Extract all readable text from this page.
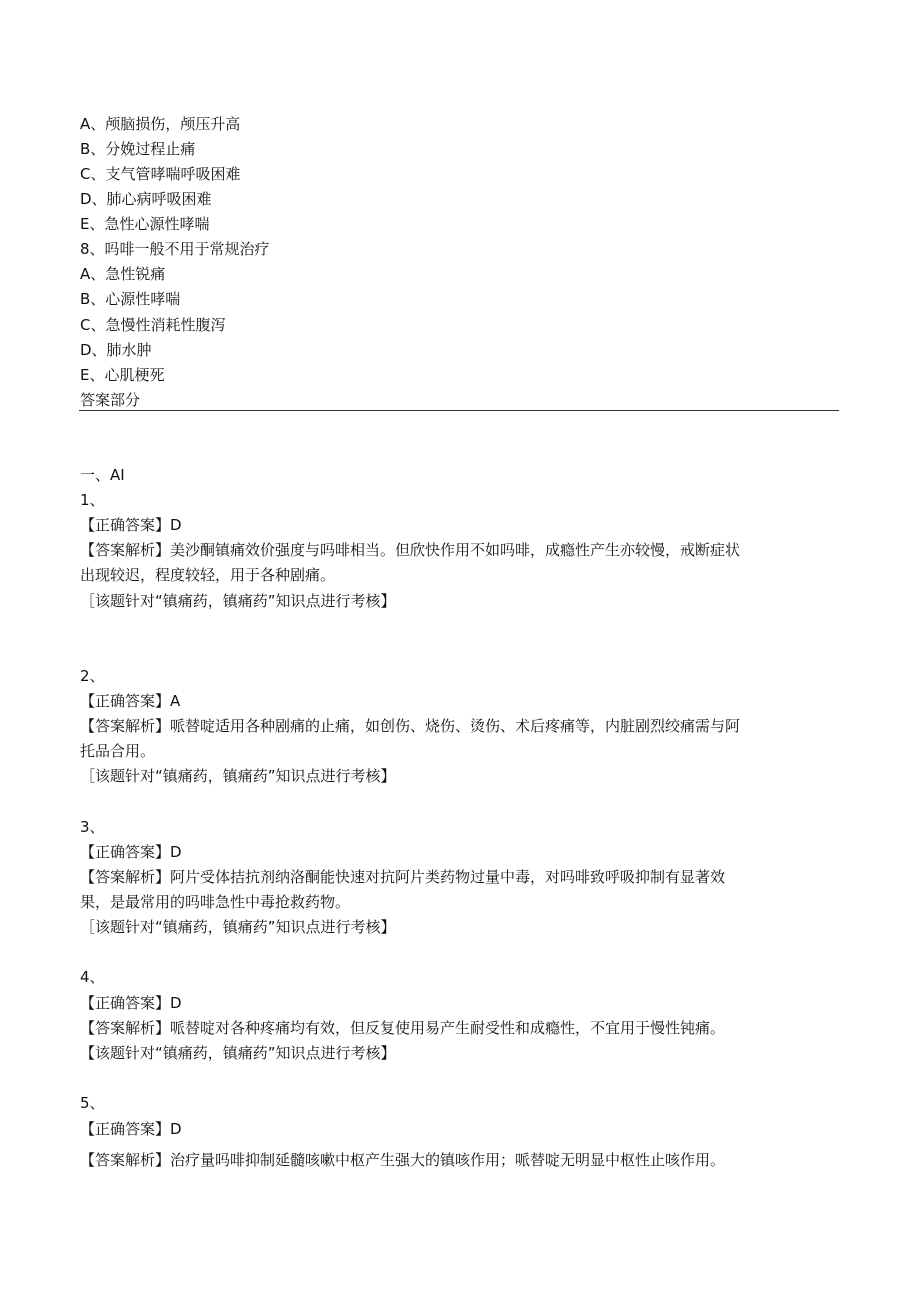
A、颅脑损伤，颅压升高
B、分娩过程止痛
C、支气管哮喘呼吸困难
D、肺心病呼吸困难
E、急性心源性哮喘
8、吗啡一般不用于常规治疗
A、急性锐痛
B、心源性哮喘
C、急慢性消耗性腹泻
D、肺水肿
E、心肌梗死
答案部分
一、AI
1、
【正确答案】D
【答案解析】美沙酮镇痛效价强度与吗啡相当。但欣快作用不如吗啡，成瘾性产生亦较慢，戒断症状
出现较迟，程度较轻，用于各种剧痛。
［该题针对“镇痛药，镇痛药”知识点进行考核】
2、
【正确答案】A
【答案解析】哌替啶适用各种剧痛的止痛，如创伤、烧伤、烫伤、术后疼痛等，内脏剧烈绞痛需与阿
托品合用。
［该题针对“镇痛药，镇痛药”知识点进行考核】
3、
【正确答案】D
【答案解析】阿片受体拮抗剂纳洛酮能快速对抗阿片类药物过量中毒，对吗啡致呼吸抑制有显著效
果，是最常用的吗啡急性中毒抢救药物。
［该题针对“镇痛药，镇痛药”知识点进行考核】
4、
【正确答案】D
【答案解析】哌替啶对各种疼痛均有效，但反复使用易产生耐受性和成瘾性，不宜用于慢性钝痛。
【该题针对“镇痛药，镇痛药”知识点进行考核】
5、
【正确答案】D
【答案解析】治疗量吗啡抑制延髓咳嗽中枢产生强大的镇咳作用；哌替啶无明显中枢性止咳作用。
